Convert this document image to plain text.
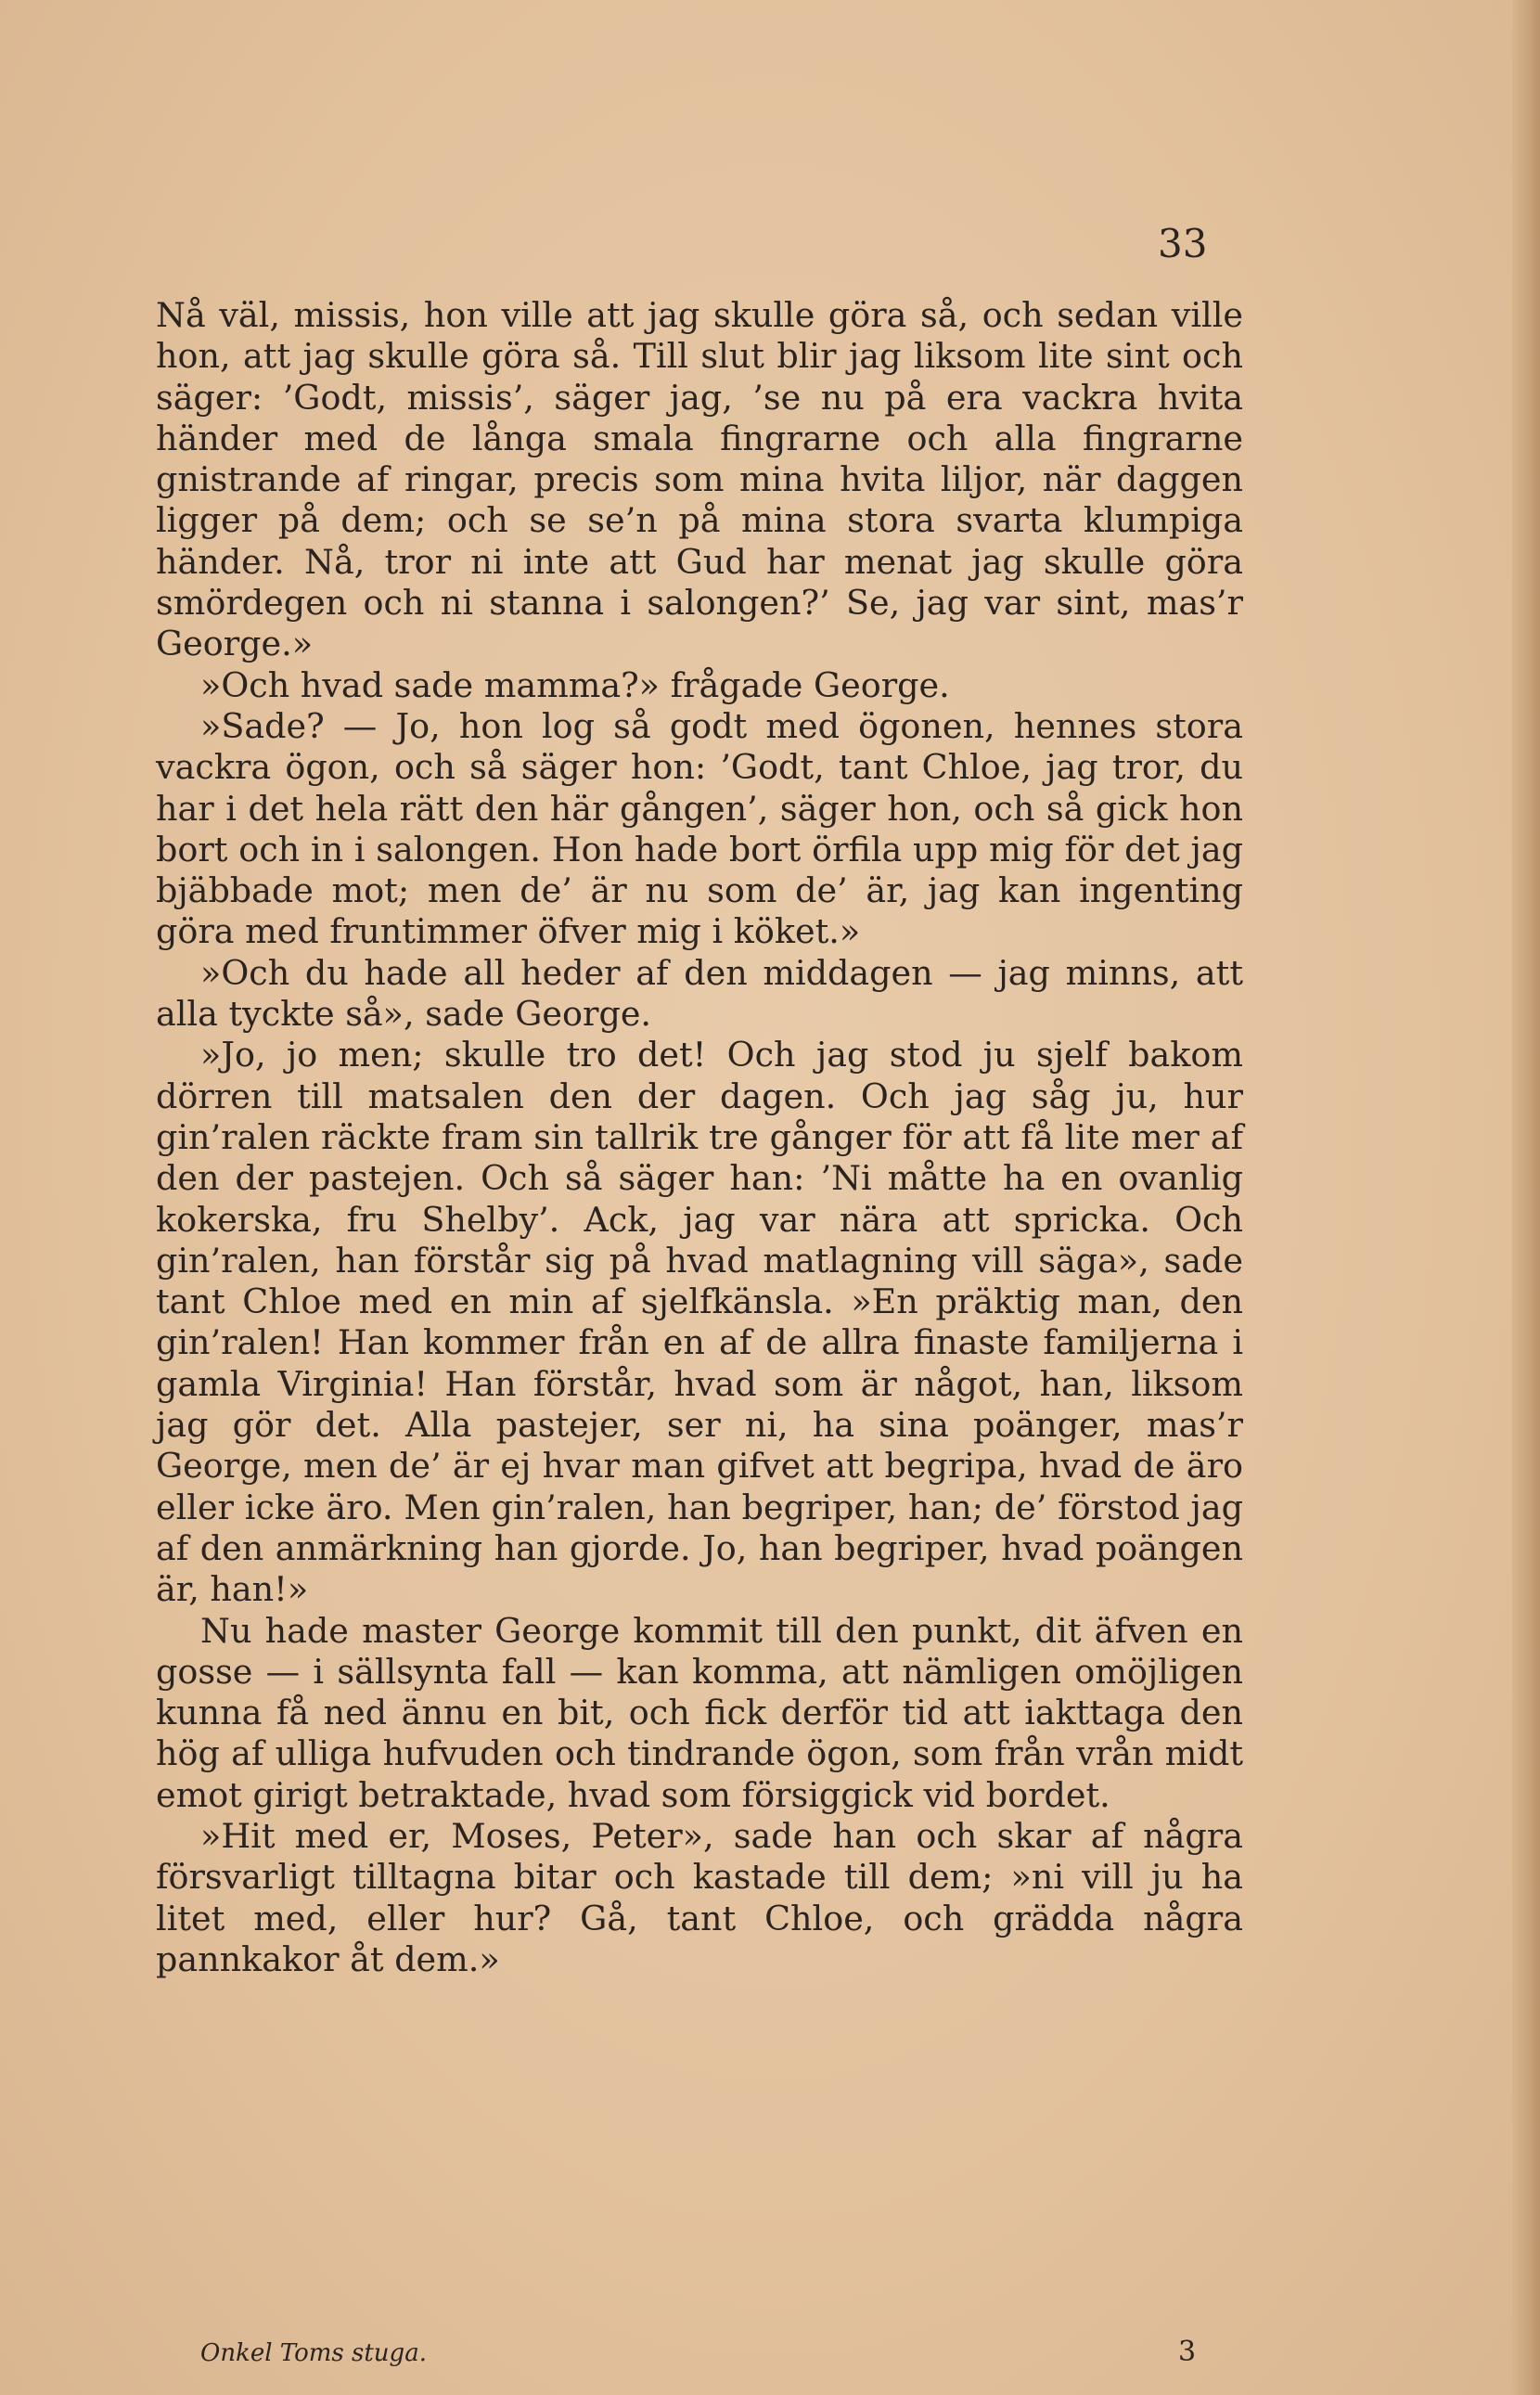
33

Nå väl, missis, hon ville att jag skulle göra så, och sedan ville hon, att jag skulle göra så. Till slut blir jag liksom lite sint och säger: ’Godt, missis’, säger jag, ’se nu på era vackra hvita händer med de långa smala fingrarne och alla fingrarne gnistrande af ringar, precis som mina hvita liljor, när daggen ligger på dem; och se se’n på mina stora svarta klumpiga händer. Nå, tror ni inte att Gud har menat jag skulle göra smördegen och ni stanna i salongen?’ Se, jag var sint, mas’r George.»

»Och hvad sade mamma?» frågade George.

»Sade? — Jo, hon log så godt med ögonen, hennes stora vackra ögon, och så säger hon: ’Godt, tant Chloe, jag tror, du har i det hela rätt den här gången’, säger hon, och så gick hon bort och in i salongen. Hon hade bort örfila upp mig för det jag bjäbbade mot; men de’ är nu som de’ är, jag kan ingenting göra med fruntimmer öfver mig i köket.»

»Och du hade all heder af den middagen — jag minns, att alla tyckte så», sade George.

»Jo, jo men; skulle tro det! Och jag stod ju sjelf bakom dörren till matsalen den der dagen. Och jag såg ju, hur gin’ralen räckte fram sin tallrik tre gånger för att få lite mer af den der pastejen. Och så säger han: ’Ni måtte ha en ovanlig kokerska, fru Shelby’. Ack, jag var nära att spricka. Och gin’ralen, han förstår sig på hvad matlagning vill säga», sade tant Chloe med en min af sjelfkänsla. »En präktig man, den gin’ralen! Han kommer från en af de allra finaste familjerna i gamla Virginia! Han förstår, hvad som är något, han, liksom jag gör det. Alla pastejer, ser ni, ha sina poänger, mas’r George, men de’ är ej hvar man gifvet att begripa, hvad de äro eller icke äro. Men gin’ralen, han begriper, han; de’ förstod jag af den anmärkning han gjorde. Jo, han begriper, hvad poängen är, han!»

Nu hade master George kommit till den punkt, dit äfven en gosse — i sällsynta fall — kan komma, att nämligen omöjligen kunna få ned ännu en bit, och fick derför tid att iakttaga den hög af ulliga hufvuden och tindrande ögon, som från vrån midt emot girigt betraktade, hvad som försiggick vid bordet.

»Hit med er, Moses, Peter», sade han och skar af några försvarligt tilltagna bitar och kastade till dem; »ni vill ju ha litet med, eller hur? Gå, tant Chloe, och grädda några pannkakor åt dem.»

Onkel Toms stuga.	3
